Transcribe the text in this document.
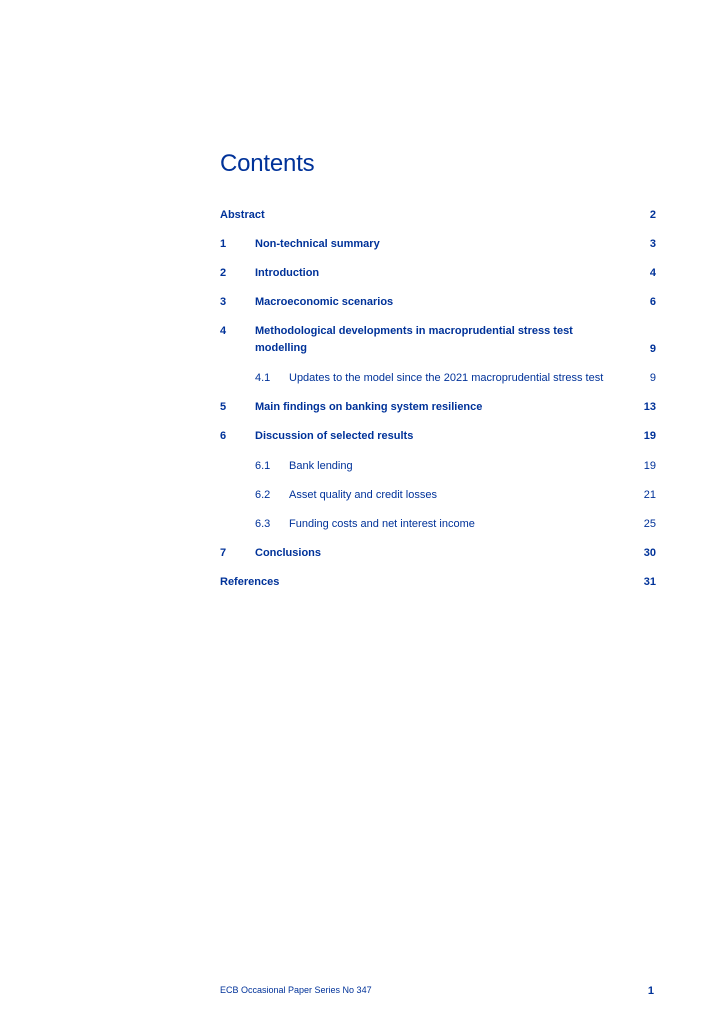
Contents
Abstract	2
1	Non-technical summary	3
2	Introduction	4
3	Macroeconomic scenarios	6
4	Methodological developments in macroprudential stress test
modelling	9
4.1 Updates to the model since the 2021 macroprudential stress test	9
5	Main findings on banking system resilience	13
6	Discussion of selected results	19
6.1 Bank lending	19
6.2 Asset quality and credit losses	21
6.3 Funding costs and net interest income	25
7	Conclusions	30
References	31
ECB Occasional Paper Series No 347	1
